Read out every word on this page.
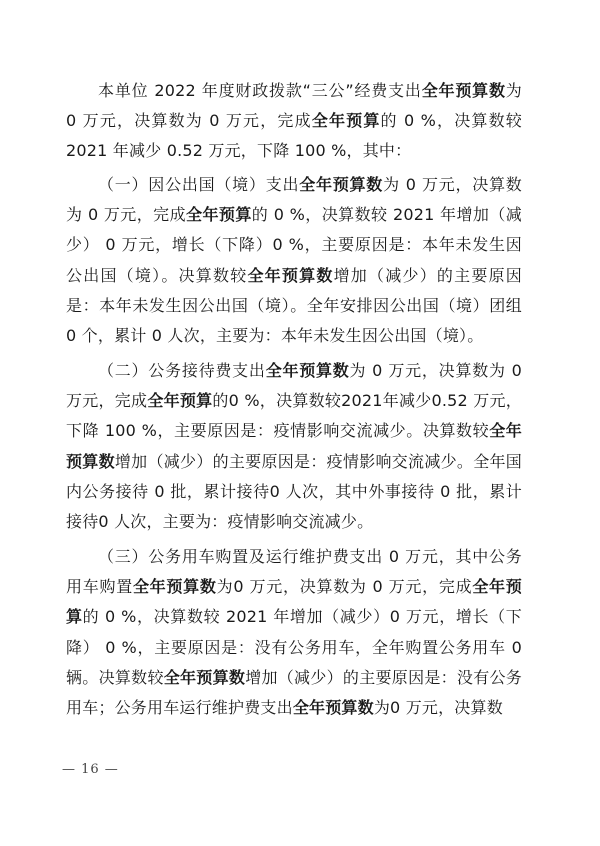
本单位 2022 年度财政拨款“三公”经费支出全年预算数为 0 万元，决算数为 0 万元，完成全年预算的 0 %，决算数较 2021 年减少 0.52 万元，下降 100 %，其中：

（一）因公出国（境）支出全年预算数为 0 万元，决算数为 0 万元，完成全年预算的 0 %，决算数较 2021 年增加（减少） 0 万元，增长（下降）0 %，主要原因是：本年未发生因公出国（境）。决算数较全年预算数增加（减少）的主要原因是：本年未发生因公出国（境）。全年安排因公出国（境）团组 0 个，累计 0 人次，主要为：本年未发生因公出国（境）。

（二）公务接待费支出全年预算数为 0 万元，决算数为 0 万元，完成全年预算的0 %，决算数较2021年减少0.52 万元，下降 100 %，主要原因是：疫情影响交流减少。决算数较全年预算数增加（减少）的主要原因是：疫情影响交流减少。全年国内公务接待 0 批，累计接待0 人次，其中外事接待 0 批，累计接待0 人次，主要为：疫情影响交流减少。

（三）公务用车购置及运行维护费支出 0 万元，其中公务用车购置全年预算数为0 万元，决算数为 0 万元，完成全年预算的 0 %，决算数较 2021 年增加（减少）0 万元，增长（下降） 0 %，主要原因是：没有公务用车，全年购置公务用车 0 辆。决算数较全年预算数增加（减少）的主要原因是：没有公务用车；公务用车运行维护费支出全年预算数为0 万元，决算数

— 16 —
